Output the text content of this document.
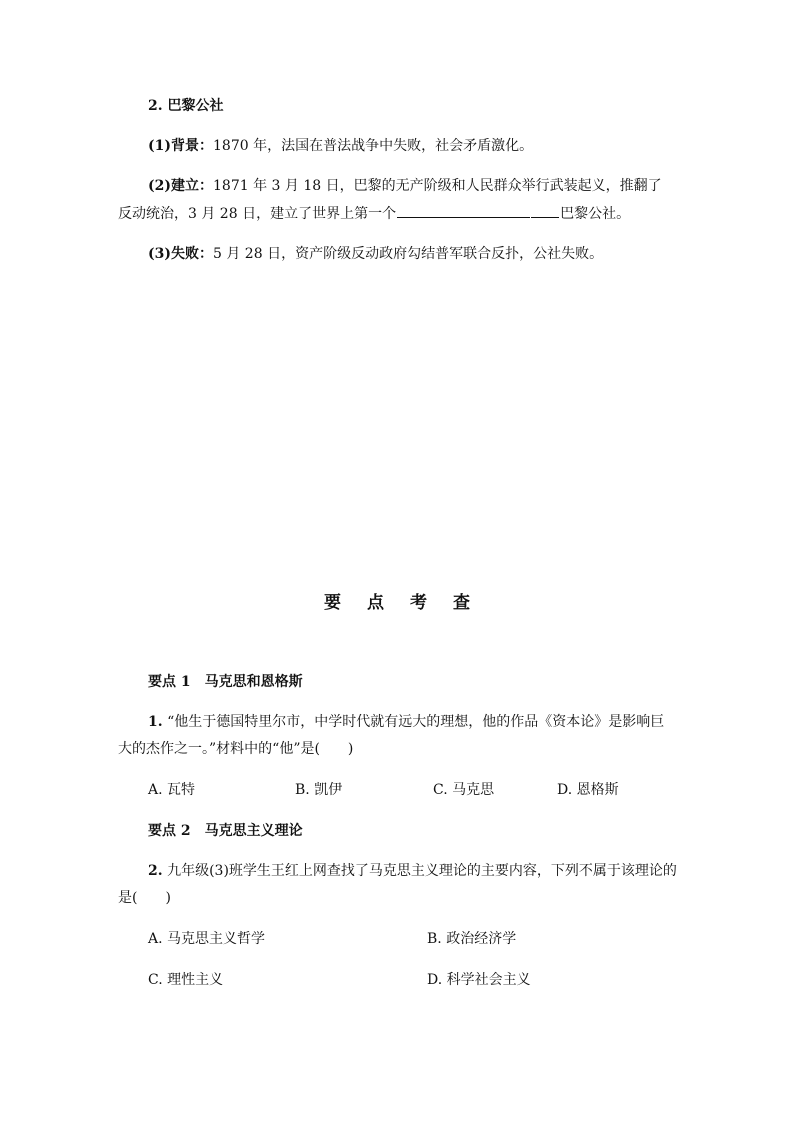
2. 巴黎公社
(1)背景：1870 年，法国在普法战争中失败，社会矛盾激化。
(2)建立：1871 年 3 月 18 日，巴黎的无产阶级和人民群众举行武装起义，推翻了
反动统治，3 月 28 日，建立了世界上第一个	巴黎公社。
(3)失败：5 月 28 日，资产阶级反动政府勾结普军联合反扑，公社失败。
要点考查
要点 1　马克思和恩格斯
1. “他生于德国特里尔市，中学时代就有远大的理想，他的作品《资本论》是影响巨
大的杰作之一。”材料中的“他”是(　　)
A. 瓦特	B. 凯伊	C. 马克思	D. 恩格斯
要点 2　马克思主义理论
2. 九年级(3)班学生王红上网查找了马克思主义理论的主要内容，下列不属于该理论的
是(　　)
A. 马克思主义哲学	B. 政治经济学
C. 理性主义	D. 科学社会主义
